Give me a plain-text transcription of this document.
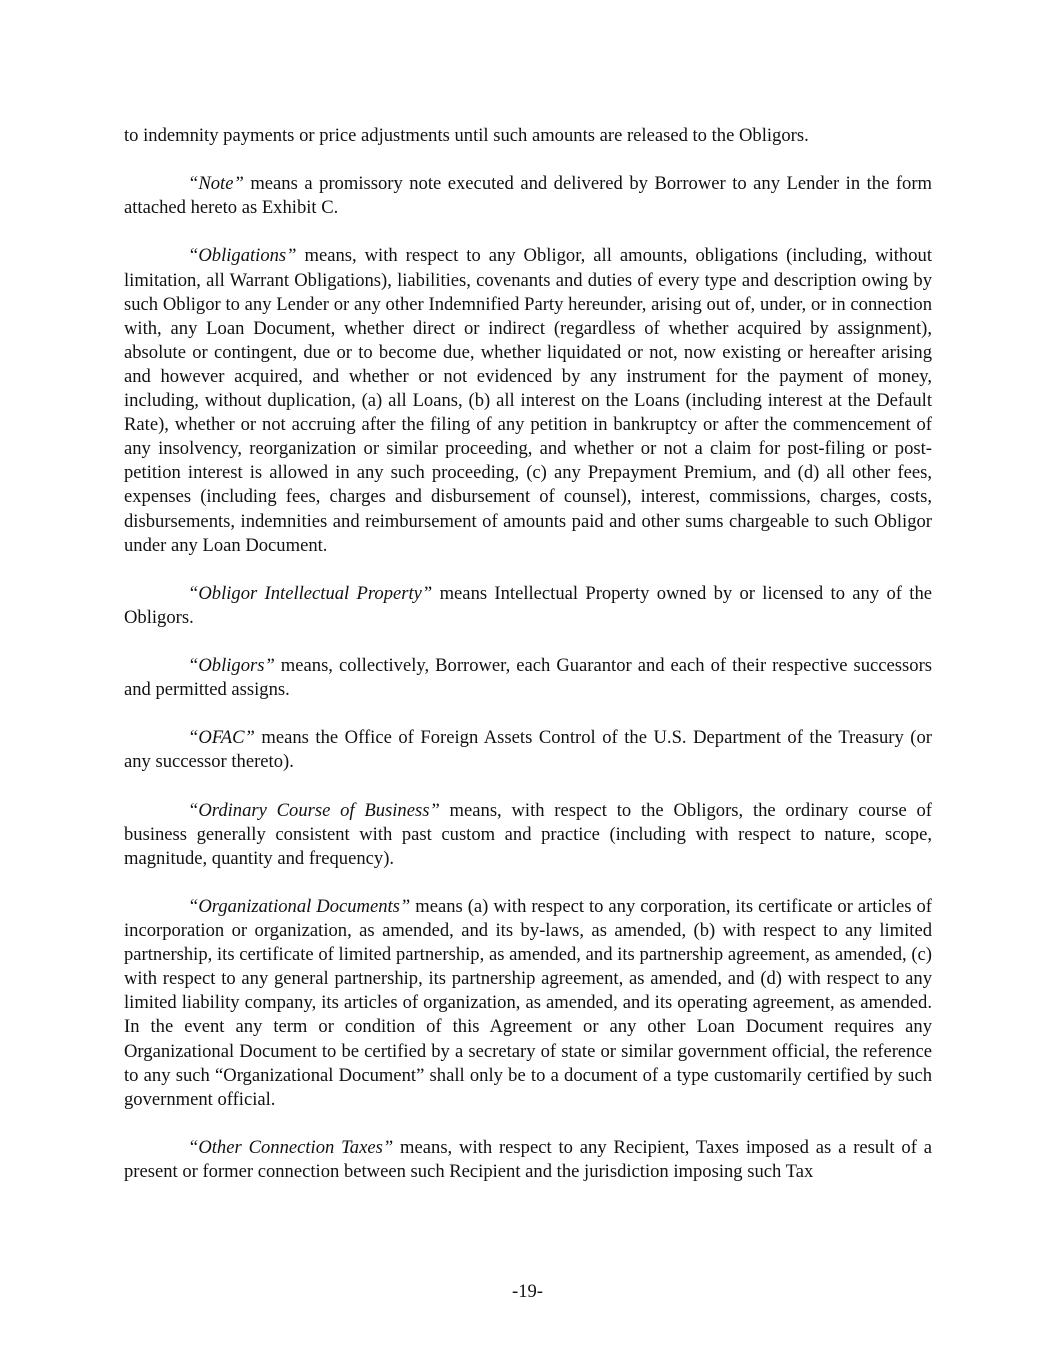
to indemnity payments or price adjustments until such amounts are released to the Obligors.

“Note” means a promissory note executed and delivered by Borrower to any Lender in the form attached hereto as Exhibit C.

“Obligations” means, with respect to any Obligor, all amounts, obligations (including, without limitation, all Warrant Obligations), liabilities, covenants and duties of every type and description owing by such Obligor to any Lender or any other Indemnified Party hereunder, arising out of, under, or in connection with, any Loan Document, whether direct or indirect (regardless of whether acquired by assignment), absolute or contingent, due or to become due, whether liquidated or not, now existing or hereafter arising and however acquired, and whether or not evidenced by any instrument for the payment of money, including, without duplication, (a) all Loans, (b) all interest on the Loans (including interest at the Default Rate), whether or not accruing after the filing of any petition in bankruptcy or after the commencement of any insolvency, reorganization or similar proceeding, and whether or not a claim for post-filing or post-petition interest is allowed in any such proceeding, (c) any Prepayment Premium, and (d) all other fees, expenses (including fees, charges and disbursement of counsel), interest, commissions, charges, costs, disbursements, indemnities and reimbursement of amounts paid and other sums chargeable to such Obligor under any Loan Document.

“Obligor Intellectual Property” means Intellectual Property owned by or licensed to any of the Obligors.

“Obligors” means, collectively, Borrower, each Guarantor and each of their respective successors and permitted assigns.

“OFAC” means the Office of Foreign Assets Control of the U.S. Department of the Treasury (or any successor thereto).

“Ordinary Course of Business” means, with respect to the Obligors, the ordinary course of business generally consistent with past custom and practice (including with respect to nature, scope, magnitude, quantity and frequency).

“Organizational Documents” means (a) with respect to any corporation, its certificate or articles of incorporation or organization, as amended, and its by-laws, as amended, (b) with respect to any limited partnership, its certificate of limited partnership, as amended, and its partnership agreement, as amended, (c) with respect to any general partnership, its partnership agreement, as amended, and (d) with respect to any limited liability company, its articles of organization, as amended, and its operating agreement, as amended. In the event any term or condition of this Agreement or any other Loan Document requires any Organizational Document to be certified by a secretary of state or similar government official, the reference to any such “Organizational Document” shall only be to a document of a type customarily certified by such government official.

“Other Connection Taxes” means, with respect to any Recipient, Taxes imposed as a result of a present or former connection between such Recipient and the jurisdiction imposing such Tax

-19-
